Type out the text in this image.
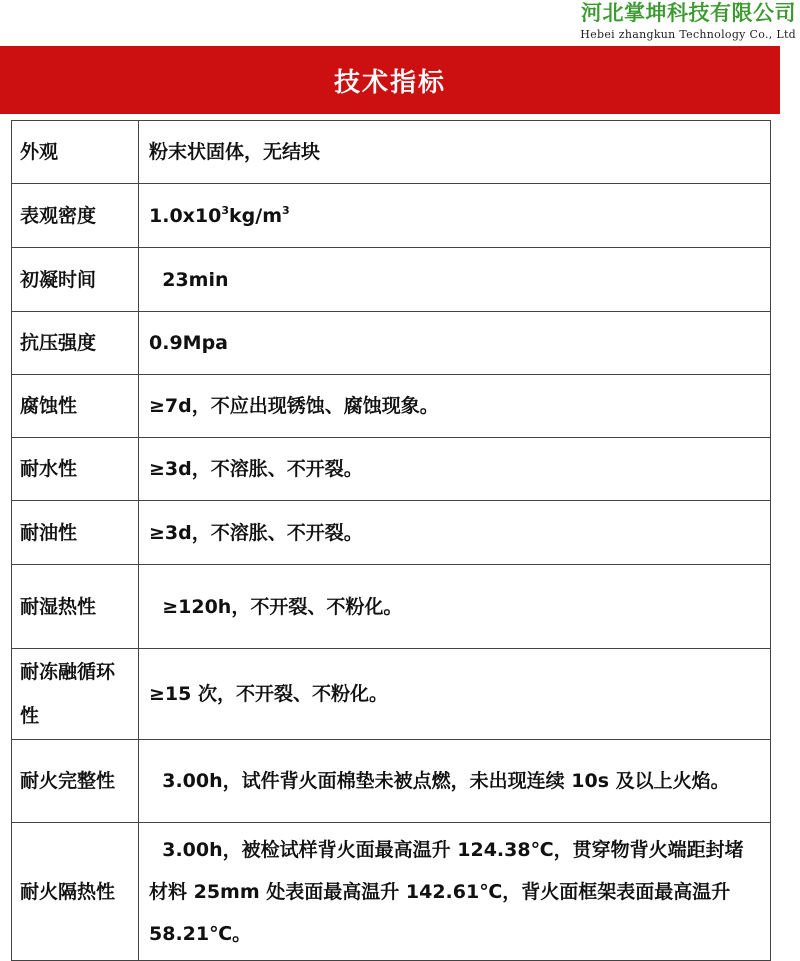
河北掌坤科技有限公司
Hebei zhangkun Technology Co., Ltd
技术指标
外观	粉末状固体，无结块
表观密度	$1.0x10^3kg/m^3$
初凝时间	23min
抗压强度	0.9Mpa
腐蚀性	≥7d，不应出现锈蚀、腐蚀现象。
耐水性	≥3d，不溶胀、不开裂。
耐油性	≥3d，不溶胀、不开裂。
耐湿热性	≥120h，不开裂、不粉化。
耐冻融循环性	≥15 次，不开裂、不粉化。
耐火完整性	3.00h，试件背火面棉垫未被点燃，未出现连续 10s 及以上火焰。
耐火隔热性	3.00h，被检试样背火面最高温升 124.38℃，贯穿物背火端距封堵材料 25mm 处表面最高温升 142.61℃，背火面框架表面最高温升 58.21℃。
